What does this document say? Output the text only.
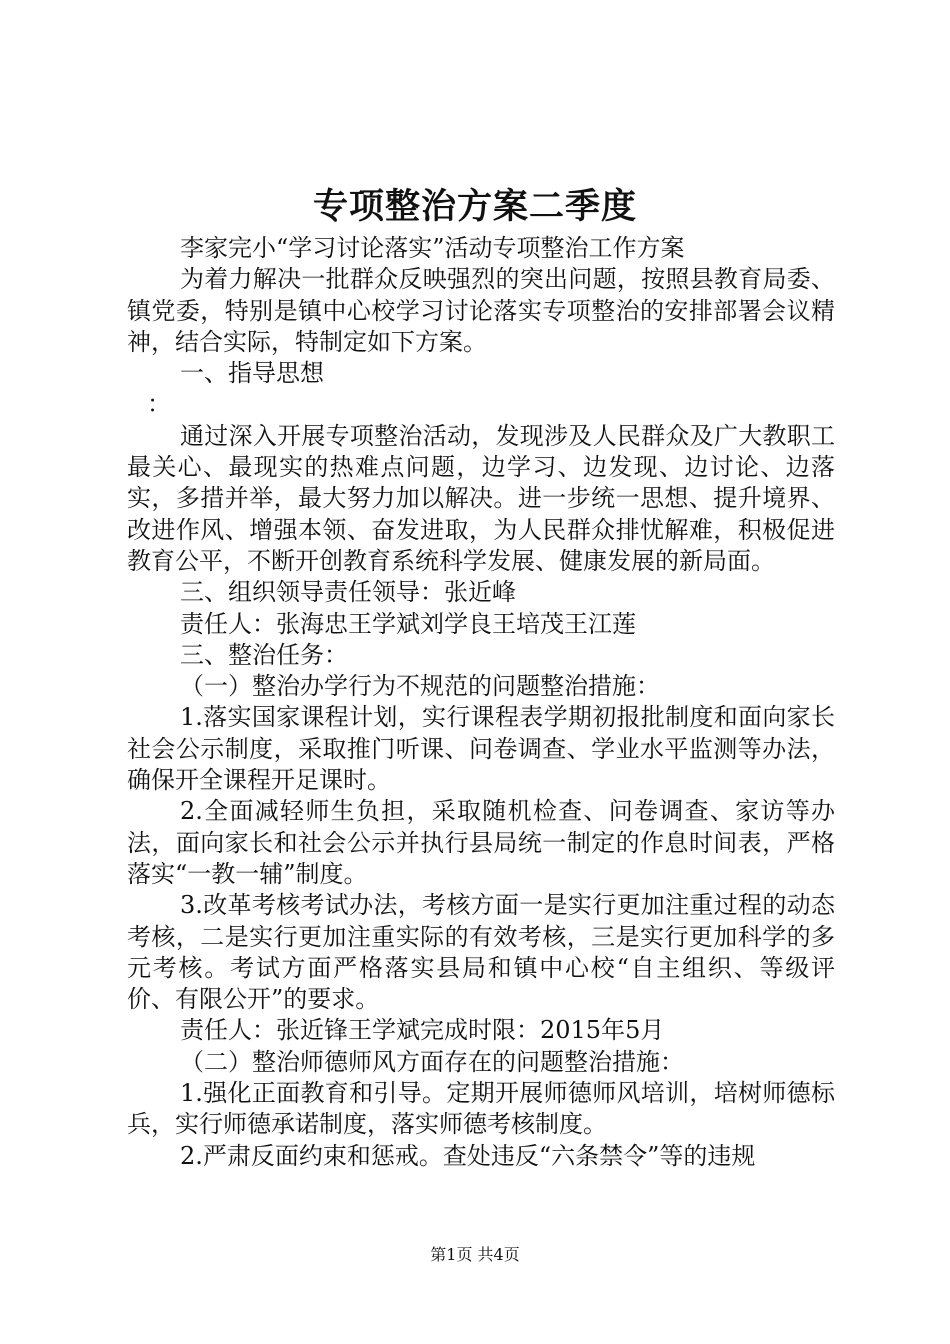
专项整治方案二季度

李家完小“学习讨论落实”活动专项整治工作方案

为着力解决一批群众反映强烈的突出问题，按照县教育局委、镇党委，特别是镇中心校学习讨论落实专项整治的安排部署会议精神，结合实际，特制定如下方案。

一、指导思想

：

通过深入开展专项整治活动，发现涉及人民群众及广大教职工最关心、最现实的热难点问题，边学习、边发现、边讨论、边落实，多措并举，最大努力加以解决。进一步统一思想、提升境界、改进作风、增强本领、奋发进取，为人民群众排忧解难，积极促进教育公平，不断开创教育系统科学发展、健康发展的新局面。

三、组织领导责任领导：张近峰

责任人：张海忠王学斌刘学良王培茂王江莲

三、整治任务：

（一）整治办学行为不规范的问题整治措施：

1.落实国家课程计划，实行课程表学期初报批制度和面向家长社会公示制度，采取推门听课、问卷调查、学业水平监测等办法，确保开全课程开足课时。

2.全面减轻师生负担，采取随机检查、问卷调查、家访等办法，面向家长和社会公示并执行县局统一制定的作息时间表，严格落实“一教一辅”制度。

3.改革考核考试办法，考核方面一是实行更加注重过程的动态考核，二是实行更加注重实际的有效考核，三是实行更加科学的多元考核。考试方面严格落实县局和镇中心校“自主组织、等级评价、有限公开”的要求。

责任人：张近锋王学斌完成时限：2015年5月

（二）整治师德师风方面存在的问题整治措施：

1.强化正面教育和引导。定期开展师德师风培训，培树师德标兵，实行师德承诺制度，落实师德考核制度。

2.严肃反面约束和惩戒。查处违反“六条禁令”等的违规

第1页 共4页
